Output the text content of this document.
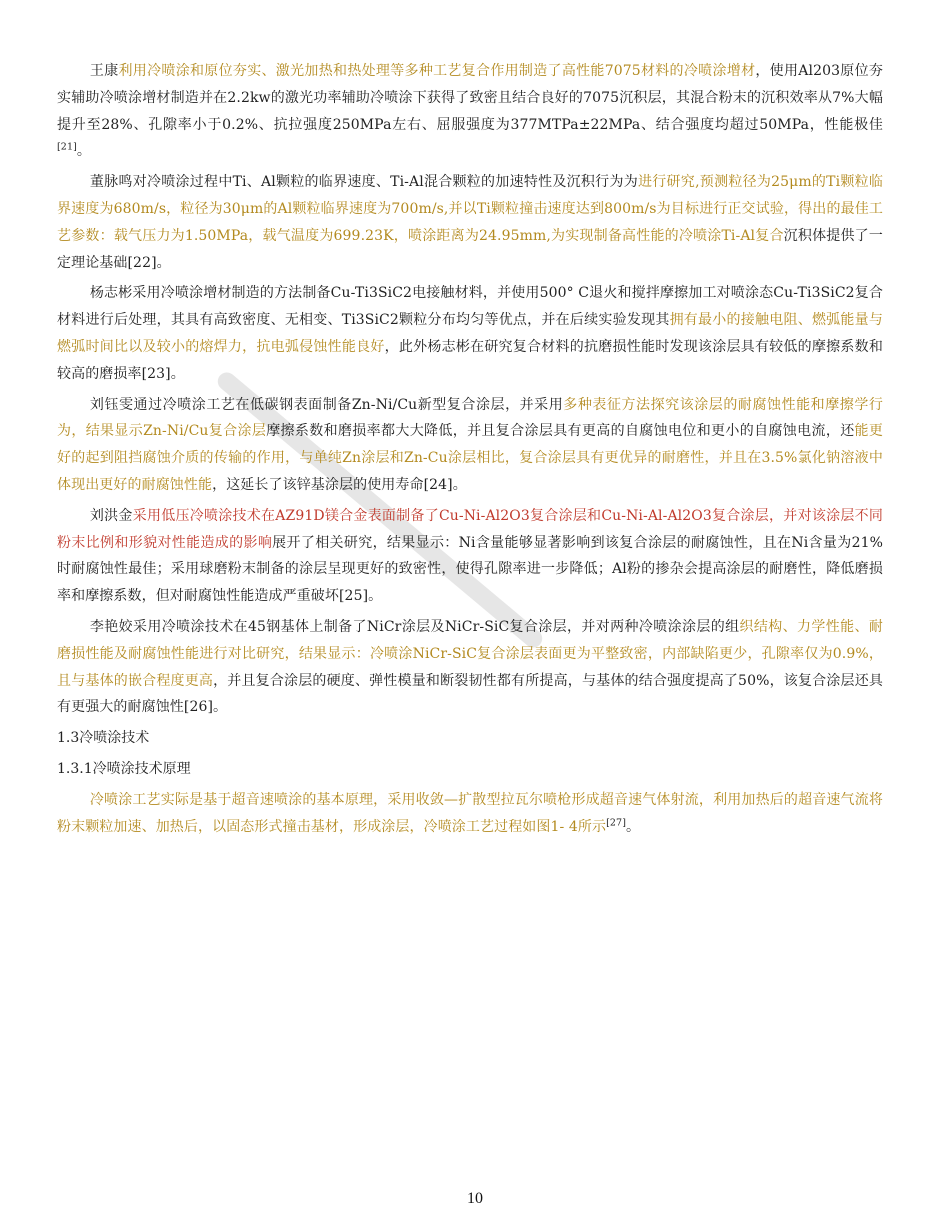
王康利用冷喷涂和原位夯实、激光加热和热处理等多种工艺复合作用制造了高性能7075材料的冷喷涂增材，使用Al203原位夯实辅助冷喷涂增材制造并在2.2kw的激光功率辅助冷喷涂下获得了致密且结合良好的7075沉积层，其混合粉末的沉积效率从7%大幅提升至28%、孔隙率小于0.2%、抗拉强度250MPa左右、屈服强度为377MTPa±22MPa、结合强度均超过50MPa，性能极佳[21]。

董脉鸣对冷喷涂过程中Ti、Al颗粒的临界速度、Ti-Al混合颗粒的加速特性及沉积行为为进行研究,预测粒径为25μm的Ti颗粒临界速度为680m/s，粒径为30μm的Al颗粒临界速度为700m/s,并以Ti颗粒撞击速度达到800m/s为目标进行正交试验，得出的最佳工艺参数：载气压力为1.50MPa，载气温度为699.23K，喷涂距离为24.95mm,为实现制备高性能的冷喷涂Ti-Al复合沉积体提供了一定理论基础[22]。

杨志彬采用冷喷涂增材制造的方法制备Cu-Ti3SiC2电接触材料，并使用500° C退火和搅拌摩擦加工对喷涂态Cu-Ti3SiC2复合材料进行后处理，其具有高致密度、无相变、Ti3SiC2颗粒分布均匀等优点，并在后续实验发现其拥有最小的接触电阻、燃弧能量与燃弧时间比以及较小的熔焊力，抗电弧侵蚀性能良好，此外杨志彬在研究复合材料的抗磨损性能时发现该涂层具有较低的摩擦系数和较高的磨损率[23]。

刘钰雯通过冷喷涂工艺在低碳钢表面制备Zn-Ni/Cu新型复合涂层，并采用多种表征方法探究该涂层的耐腐蚀性能和摩擦学行为，结果显示Zn-Ni/Cu复合涂层摩擦系数和磨损率都大大降低，并且复合涂层具有更高的自腐蚀电位和更小的自腐蚀电流，还能更好的起到阻挡腐蚀介质的传输的作用，与单纯Zn涂层和Zn-Cu涂层相比，复合涂层具有更优异的耐磨性，并且在3.5%氯化钠溶液中体现出更好的耐腐蚀性能，这延长了该锌基涂层的使用寿命[24]。

刘洪金采用低压冷喷涂技术在AZ91D镁合金表面制备了Cu-Ni-Al2O3复合涂层和Cu-Ni-Al-Al2O3复合涂层，并对该涂层不同粉末比例和形貌对性能造成的影响展开了相关研究，结果显示：Ni含量能够显著影响到该复合涂层的耐腐蚀性，且在Ni含量为21%时耐腐蚀性最佳；采用球磨粉末制备的涂层呈现更好的致密性，使得孔隙率进一步降低；Al粉的掺杂会提高涂层的耐磨性，降低磨损率和摩擦系数，但对耐腐蚀性能造成严重破坏[25]。

李艳姣采用冷喷涂技术在45钢基体上制备了NiCr涂层及NiCr-SiC复合涂层，并对两种冷喷涂涂层的组织结构、力学性能、耐磨损性能及耐腐蚀性能进行对比研究，结果显示：冷喷涂NiCr-SiC复合涂层表面更为平整致密，内部缺陷更少，孔隙率仅为0.9%，且与基体的嵌合程度更高，并且复合涂层的硬度、弹性模量和断裂韧性都有所提高，与基体的结合强度提高了50%，该复合涂层还具有更强大的耐腐蚀性[26]。

1.3冷喷涂技术
1.3.1冷喷涂技术原理

冷喷涂工艺实际是基于超音速喷涂的基本原理，采用收敛—扩散型拉瓦尔喷枪形成超音速气体射流，利用加热后的超音速气流将粉末颗粒加速、加热后，以固态形式撞击基材，形成涂层，冷喷涂工艺过程如图1- 4所示[27]。

10
